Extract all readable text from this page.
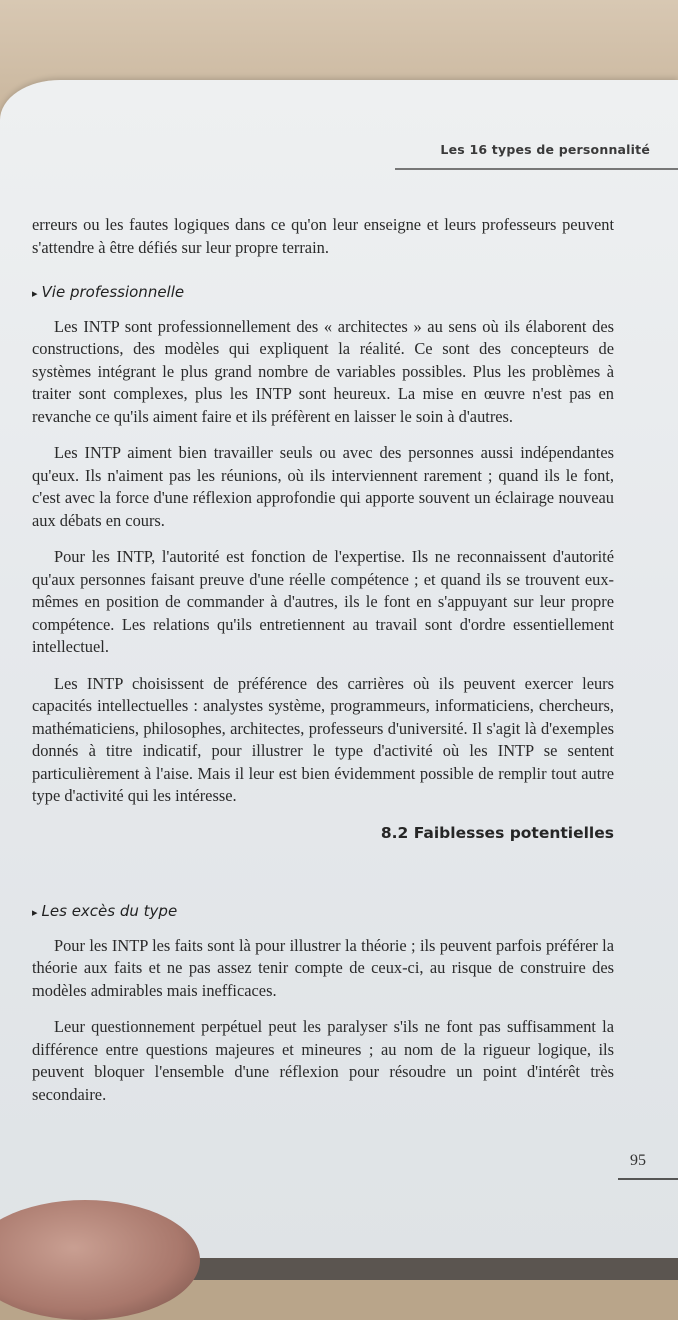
Les 16 types de personnalité

erreurs ou les fautes logiques dans ce qu'on leur enseigne et leurs professeurs peuvent s'attendre à être défiés sur leur propre terrain.

▸ Vie professionnelle

Les INTP sont professionnellement des « architectes » au sens où ils élaborent des constructions, des modèles qui expliquent la réalité. Ce sont des concepteurs de systèmes intégrant le plus grand nombre de variables possibles. Plus les problèmes à traiter sont complexes, plus les INTP sont heureux. La mise en œuvre n'est pas en revanche ce qu'ils aiment faire et ils préfèrent en laisser le soin à d'autres.

Les INTP aiment bien travailler seuls ou avec des personnes aussi indépendantes qu'eux. Ils n'aiment pas les réunions, où ils interviennent rarement ; quand ils le font, c'est avec la force d'une réflexion approfondie qui apporte souvent un éclairage nouveau aux débats en cours.

Pour les INTP, l'autorité est fonction de l'expertise. Ils ne reconnaissent d'autorité qu'aux personnes faisant preuve d'une réelle compétence ; et quand ils se trouvent eux-mêmes en position de commander à d'autres, ils le font en s'appuyant sur leur propre compétence. Les relations qu'ils entretiennent au travail sont d'ordre essentiellement intellectuel.

Les INTP choisissent de préférence des carrières où ils peuvent exercer leurs capacités intellectuelles : analystes système, programmeurs, informaticiens, chercheurs, mathématiciens, philosophes, architectes, professeurs d'université. Il s'agit là d'exemples donnés à titre indicatif, pour illustrer le type d'activité où les INTP se sentent particulièrement à l'aise. Mais il leur est bien évidemment possible de remplir tout autre type d'activité qui les intéresse.

8.2 Faiblesses potentielles
▸ Les excès du type

Pour les INTP les faits sont là pour illustrer la théorie ; ils peuvent parfois préférer la théorie aux faits et ne pas assez tenir compte de ceux-ci, au risque de construire des modèles admirables mais inefficaces.

Leur questionnement perpétuel peut les paralyser s'ils ne font pas suffisamment la différence entre questions majeures et mineures ; au nom de la rigueur logique, ils peuvent bloquer l'ensemble d'une réflexion pour résoudre un point d'intérêt très secondaire.

95
